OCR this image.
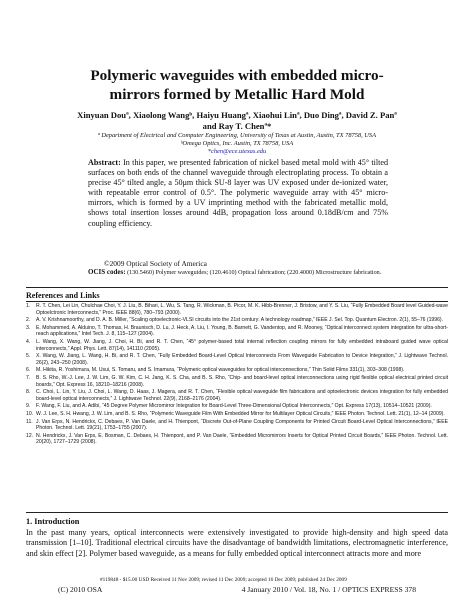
Polymeric waveguides with embedded micro-
mirrors formed by Metallic Hard Mold
Xinyuan Douª, Xiaolong Wangᵇ, Haiyu Huangª, Xiaohui Linª, Duo Dingª, David Z. Panª
and Ray T. Chenª*
ª Department of Electrical and Computer Engineering, University of Texas at Austin, Austin, TX 78758, USA
ᵇOmega Optics, Inc. Austin, TX 78758, USA
*chen@ece.utexas.edu
Abstract: In this paper, we presented fabrication of nickel based metal mold with 45° tilted surfaces on both ends of the channel waveguide through electroplating process. To obtain a precise 45° tilted angle, a 50μm thick SU-8 layer was UV exposed under de-ionized water, with repeatable error control of 0.5°. The polymeric waveguide array with 45° micro-mirrors, which is formed by a UV imprinting method with the fabricated metallic mold, shows total insertion losses around 4dB, propagation loss around 0.18dB/cm and 75% coupling efficiency.
©2009 Optical Society of America
OCIS codes: (130.5460) Polymer waveguides; (120.4610) Optical fabrication; (220.4000) Microstructure fabrication.
References and Links
1. R. T. Chen, Lei Lin, Chulchae Choi, Y. J. Liu, B. Bihari, L. Wu, S. Tang, R. Wickman, B. Picor, M. K. Hibb-Brenner, J. Bristow, and Y. S. Liu, “Fully Embedded Board level Guided-wave Optoelctronic Interconnects,” Proc. IEEE 88(6), 780–793 (2000).
2. A. V. Krishnamoorthy, and D. A. B. Miller, “Scaling optoelectronic-VLSI circuits into the 21st century: A technology roadmap,” IEEE J. Sel. Top. Quantum Electron. 2(1), 55–76 (1996).
3. E. Mohammed, A. Alduino, T. Thomas, H. Braunisch, D. Lu, J. Heck, A. Liu, I. Young, B. Barnett, G. Vandentop, and R. Mooney, “Optical interconnect system integration for ultra-short-reach applications,” Intel Tech. J. 8, 115–127 (2004).
4. L. Wang, X. Wang, W. Jiang, J. Choi, H. Bi, and R. T. Chen, “45° polymer-based total internal reflection coupling mirrors for fully embedded intraboard guided wave optical interconnects,” Appl. Phys. Lett. 87(14), 141110 (2005).
5. X. Wang, W. Jiang, L. Wang, H. Bi, and R. T. Chen, “Fully Embedded Board-Level Optical Interconnects From Waveguide Fabrication to Device Integration,” J. Lightwave Technol. 26(2), 243–250 (2008).
6. M. Hikita, R. Yoshimura, M. Usui, S. Tomaru, and S. Imamura, “Polymeric optical waveguides for optical interconnections,” Thin Solid Films 331(1), 303–308 (1998).
7. B. S. Rho, W.-J. Lee, J. W. Lim, G. W. Kim, C. H. Jang, K. S. Cha, and B. S. Rho, “Chip- and board-level optical interconnections using rigid flexible optical electrical printed circuit boards,” Opt. Express 16, 18210–18216 (2008).
8. C. Choi, L. Lin, Y. Liu, J. Choi, L. Wang, D. Haas, J. Magera, and R. T. Chen, “Flexible optical waveguide film fabrications and optoelectronic devices integration for fully embedded board-level optical interconnects,” J. Lightwave Technol. 22(9), 2168–2176 (2004).
9. F. Wang, F. Liu, and A. Adibi, “45 Degree Polymer Micromirror Integration for Board-Level Three-Dimensional Optical Interconnects,” Opt. Express 17(13), 10514–10521 (2009).
10. W. J. Lee, S. H. Hwang, J. W. Lim, and B. S. Rho, “Polymeric Waveguide Film With Embedded Mirror for Multilayer Optical Circuits,” IEEE Photon. Technol. Lett. 21(1), 12–14 (2009).
11. J. Van Erps, N. Hendrickx, C. Debaes, P. Van Daele, and H. Thienpont, “Discrete Out-of-Plane Coupling Components for Printed Circuit Board-Level Optical Interconnections,” IEEE Photon. Technol. Lett. 19(21), 1753–1755 (2007).
12. N. Hendrickx, J. Van Erps, E. Bosman, C. Debaes, H. Thienpont, and P. Van Daele, “Embedded Micromirrors Inserts for Optical Printed Circuit Boards,” IEEE Photon. Technol. Lett. 20(20), 1727–1729 (2008).
1. Introduction
In the past many years, optical interconnects were extensively investigated to provide high-density and high speed data transmission [1–10]. Traditional electrical circuits have the disadvantage of bandwidth limitations, electromagnetic interference, and skin effect [2]. Polymer based waveguide, as a means for fully embedded optical interconnect attracts more and more
#119848 - $15.00 USD Received 11 Nov 2009; revised 11 Dec 2009; accepted 16 Dec 2009; published 24 Dec 2009
(C) 2010 OSA	4 January 2010 / Vol. 18, No. 1 / OPTICS EXPRESS 378
